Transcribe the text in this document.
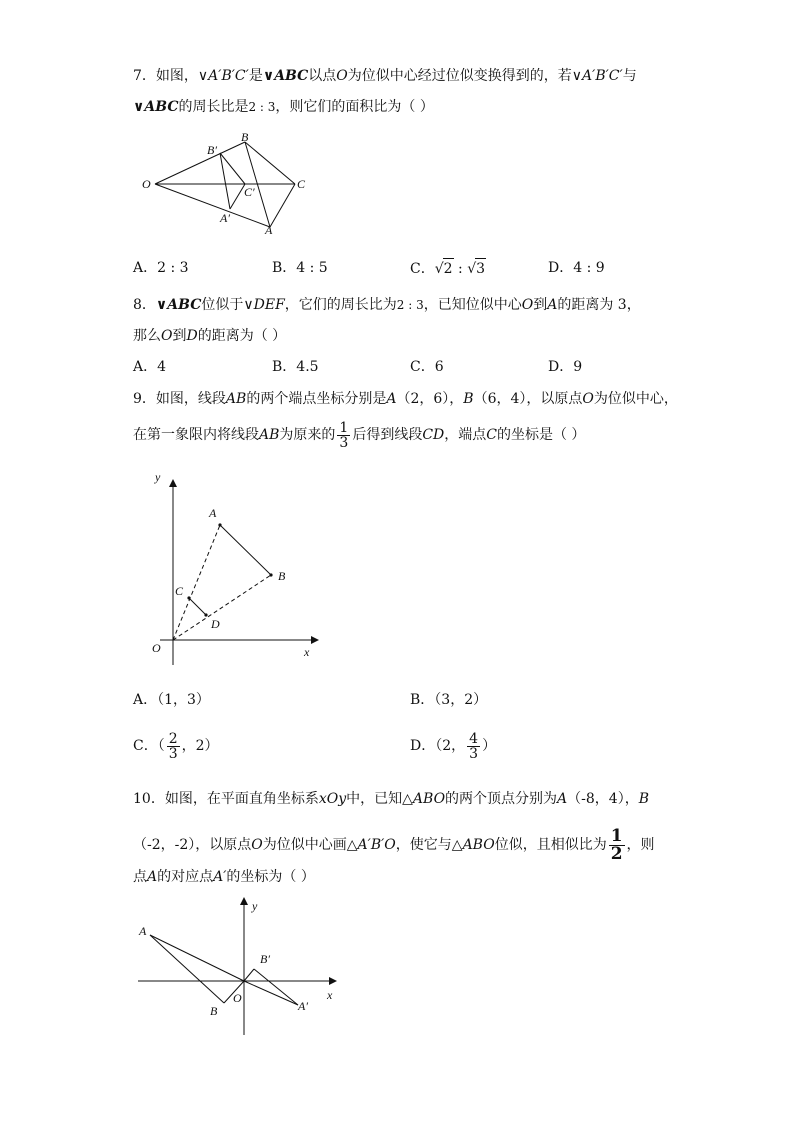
7．如图，∨A′B′C′是∨ABC以点O为位似中心经过位似变换得到的，若∨A′B′C′与
∨ABC的周长比是2 : 3，则它们的面积比为（ ）
B
B′
O	C
C′
A′
A
A．2 : 3	B．4 : 5	C．√2 : √3	D．4 : 9
8．∨ABC位似于∨DEF，它们的周长比为2 : 3，已知位似中心O到A的距离为 3，
那么O到D的距离为（ ）
A．4	B．4.5	C．6	D．9
9．如图，线段AB的两个端点坐标分别是A（2，6），B（6，4），以原点O为位似中心，
在第一象限内将线段AB为原来的 $\frac{1}{3}$ 后得到线段CD，端点C的坐标是（ ）
y
A
B
C
D
O	x
A．（1，3）	B．（3，2）
C．（ $\frac{2}{3}$ ，2）	D．（2， $\frac{4}{3}$ ）
10．如图，在平面直角坐标系xOy中，已知△ABO的两个顶点分别为A（-8，4），B
（-2，-2），以原点O为位似中心画△A′B′O，使它与△ABO位似，且相似比为 $\frac{1}{2}$ ，则
点A的对应点A′的坐标为（ ）
y
A
B′
x
O
B	A′
